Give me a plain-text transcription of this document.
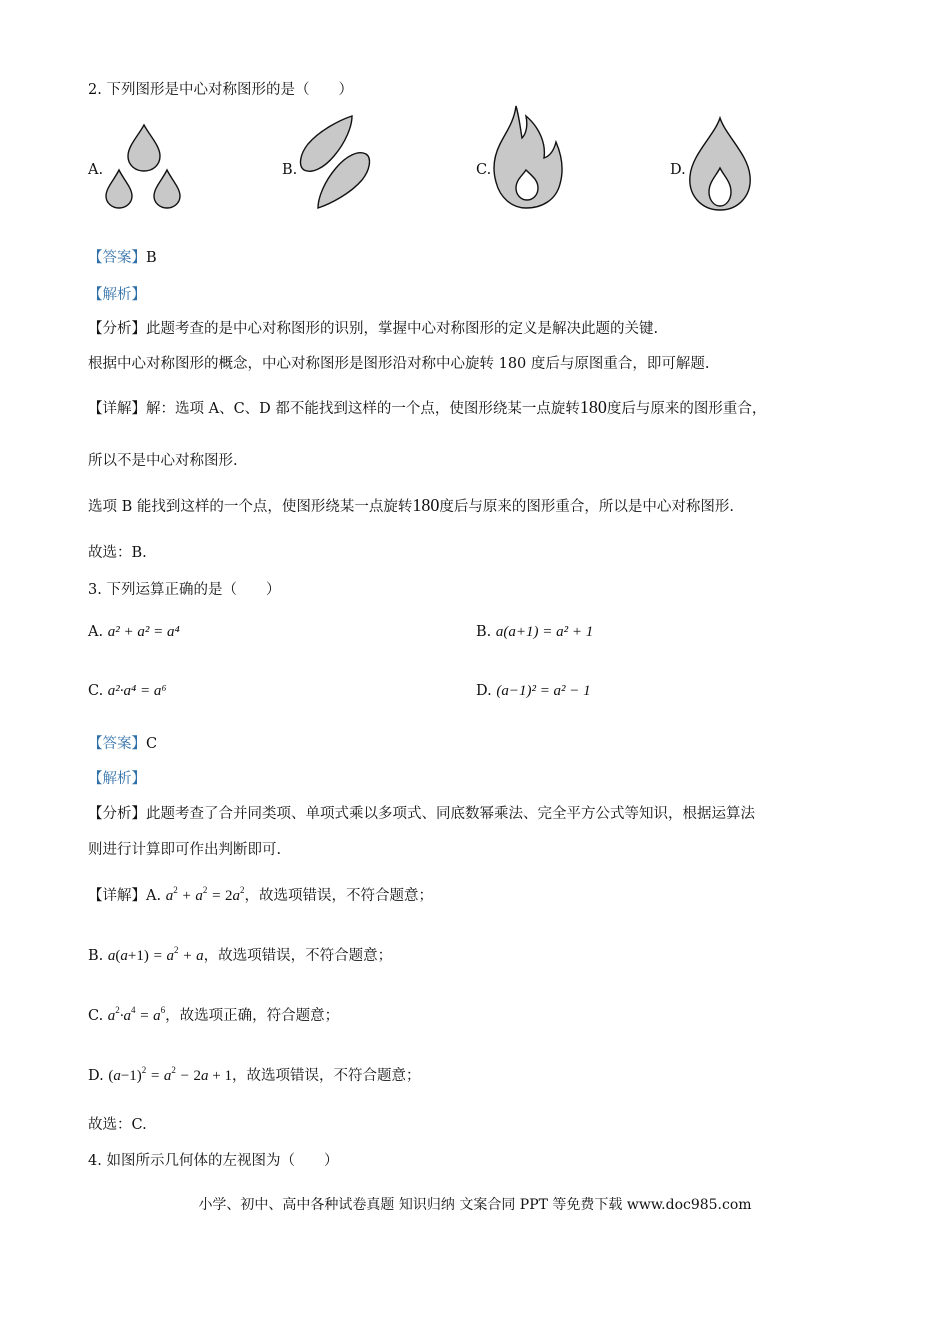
2. 下列图形是中心对称图形的是（　　）
A.	B.	C.	D.
【答案】B
【解析】
【分析】此题考查的是中心对称图形的识别，掌握中心对称图形的定义是解决此题的关键.
根据中心对称图形的概念，中心对称图形是图形沿对称中心旋转 180 度后与原图重合，即可解题.
【详解】解：选项 A、C、D 都不能找到这样的一个点，使图形绕某一点旋转180度后与原来的图形重合，
所以不是中心对称图形.
选项 B 能找到这样的一个点，使图形绕某一点旋转180度后与原来的图形重合，所以是中心对称图形.
故选：B.
3. 下列运算正确的是（　　）
A. a² + a² = a⁴	B. a(a+1) = a² + 1
C. a²·a⁴ = a⁶	D. (a−1)² = a² − 1
【答案】C
【解析】
【分析】此题考查了合并同类项、单项式乘以多项式、同底数幂乘法、完全平方公式等知识，根据运算法
则进行计算即可作出判断即可.
【详解】A. $a^2 + a^2 = 2a^2$，故选项错误，不符合题意；
B. $a(a+1) = a^2 + a$，故选项错误，不符合题意；
C. $a^2\cdot a^4 = a^6$，故选项正确，符合题意；
D. $(a-1)^2 = a^2 - 2a + 1$，故选项错误，不符合题意；
故选：C.
4. 如图所示几何体的左视图为（　　）
小学、初中、高中各种试卷真题 知识归纳 文案合同 PPT 等免费下载 www.doc985.com
